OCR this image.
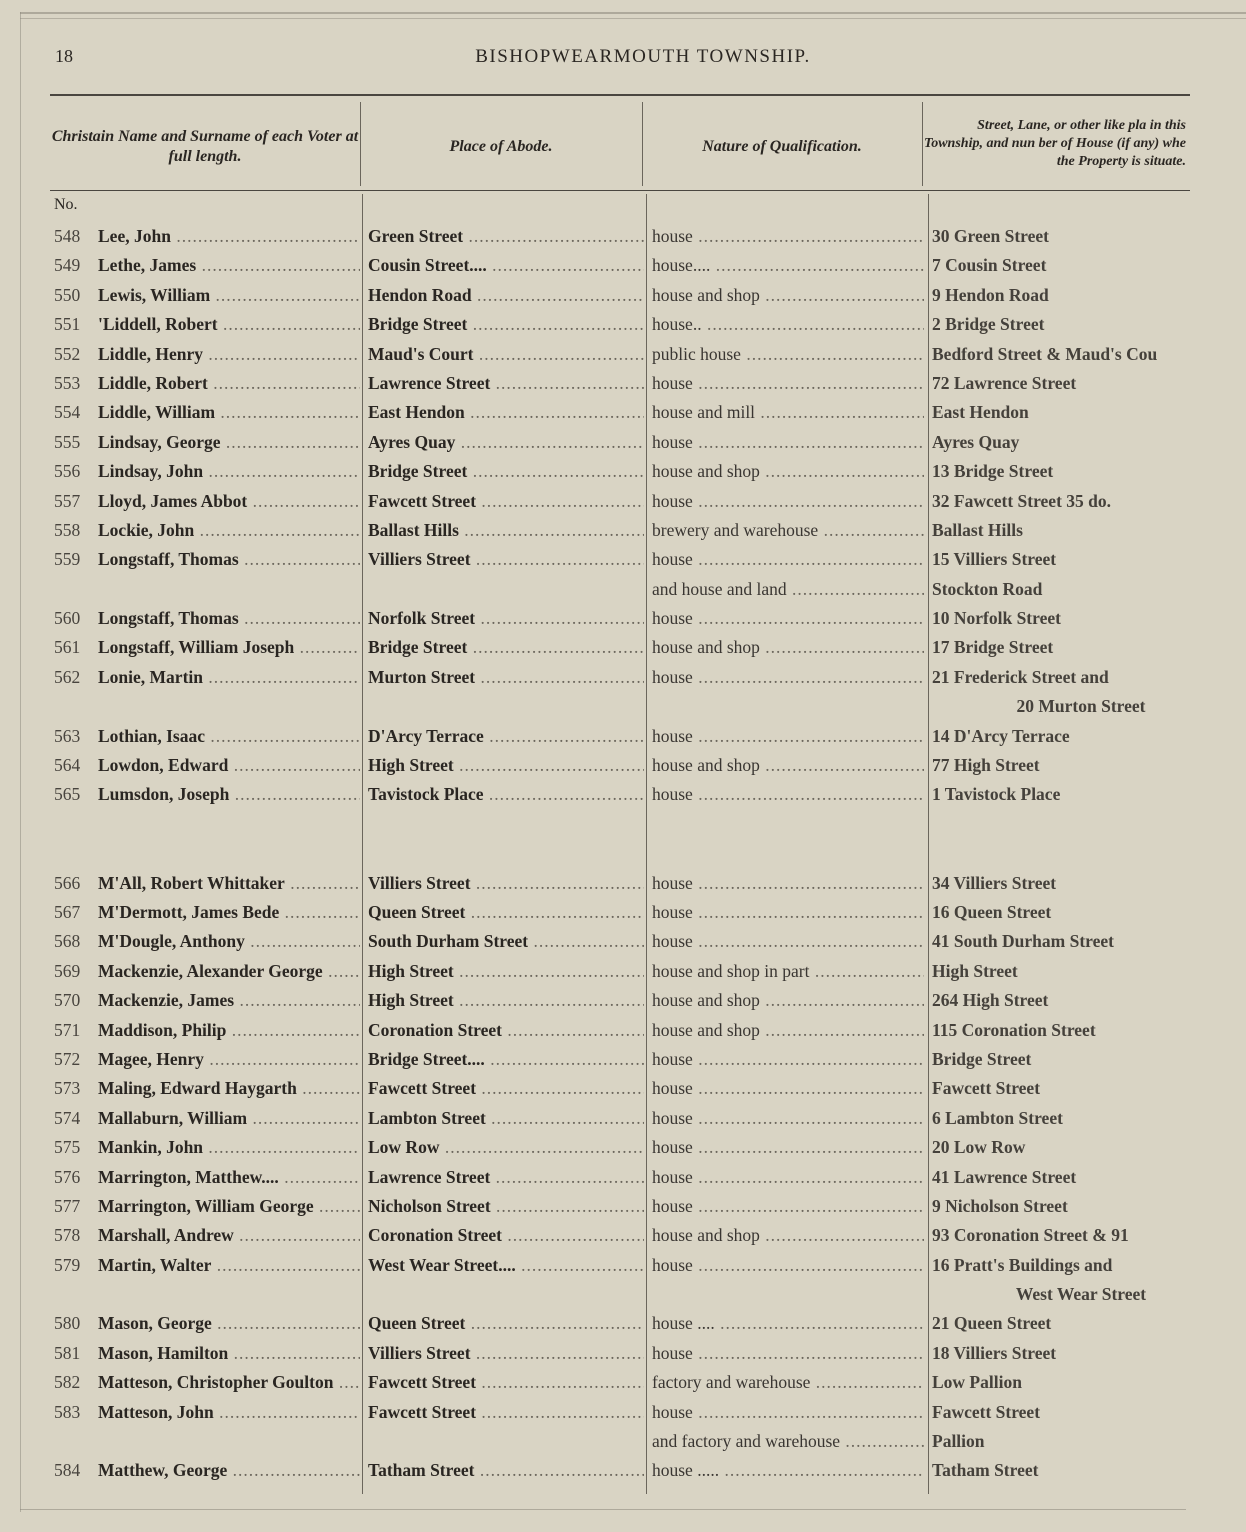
18	BISHOPWEARMOUTH TOWNSHIP.
Christain Name and Surname of each Voter at full length.
Place of Abode.	Nature of Qualification.
Street, Lane, or other like pla in this Township, and nun ber of House (if any) whe the Property is situate.
No.
548	Lee, John .....	Green Street .....	house .....	30 Green Street
549	Lethe, James .....	Cousin Street.... .....	house.... .....	7 Cousin Street
550	Lewis, William .....	Hendon Road .....	house and shop .....	9 Hendon Road
551	'Liddell, Robert .....	Bridge Street .....	house.. .....	2 Bridge Street
552	Liddle, Henry .....	Maud's Court .....	public house .....	Bedford Street & Maud's Cou
553	Liddle, Robert .....	Lawrence Street .....	house .....	72 Lawrence Street
554	Liddle, William .....	East Hendon .....	house and mill .....	East Hendon
555	Lindsay, George .....	Ayres Quay .....	house .....	Ayres Quay
556	Lindsay, John .....	Bridge Street .....	house and shop .....	13 Bridge Street
557	Lloyd, James Abbot .....	Fawcett Street .....	house .....	32 Fawcett Street 35 do.
558	Lockie, John .....	Ballast Hills .....	brewery and warehouse .....	Ballast Hills
559	Longstaff, Thomas .....	Villiers Street .....	house .....	15 Villiers Street
and house and land .....	Stockton Road
560	Longstaff, Thomas .....	Norfolk Street .....	house .....	10 Norfolk Street
561	Longstaff, William Joseph .....	Bridge Street .....	house and shop .....	17 Bridge Street
562	Lonie, Martin .....	Murton Street .....	house .....	21 Frederick Street and
20 Murton Street
563	Lothian, Isaac .....	D'Arcy Terrace .....	house .....	14 D'Arcy Terrace
564	Lowdon, Edward .....	High Street .....	house and shop .....	77 High Street
565	Lumsdon, Joseph .....	Tavistock Place .....	house .....	1 Tavistock Place
566	M'All, Robert Whittaker .....	Villiers Street .....	house .....	34 Villiers Street
567	M'Dermott, James Bede .....	Queen Street .....	house .....	16 Queen Street
568	M'Dougle, Anthony .....	South Durham Street .....	house .....	41 South Durham Street
569	Mackenzie, Alexander George .....	High Street .....	house and shop in part .....	High Street
570	Mackenzie, James .....	High Street .....	house and shop .....	264 High Street
571	Maddison, Philip .....	Coronation Street .....	house and shop .....	115 Coronation Street
572	Magee, Henry .....	Bridge Street.... .....	house .....	Bridge Street
573	Maling, Edward Haygarth .....	Fawcett Street .....	house .....	Fawcett Street
574	Mallaburn, William .....	Lambton Street .....	house .....	6 Lambton Street
575	Mankin, John .....	Low Row .....	house .....	20 Low Row
576	Marrington, Matthew.... .....	Lawrence Street .....	house .....	41 Lawrence Street
577	Marrington, William George .....	Nicholson Street .....	house .....	9 Nicholson Street
578	Marshall, Andrew .....	Coronation Street .....	house and shop .....	93 Coronation Street & 91
579	Martin, Walter .....	West Wear Street.... .....	house .....	16 Pratt's Buildings and
West Wear Street
580	Mason, George .....	Queen Street .....	house .... .....	21 Queen Street
581	Mason, Hamilton .....	Villiers Street .....	house .....	18 Villiers Street
582	Matteson, Christopher Goulton .....	Fawcett Street .....	factory and warehouse .....	Low Pallion
583	Matteson, John .....	Fawcett Street .....	house .....	Fawcett Street
and factory and warehouse .....	Pallion
584	Matthew, George .....	Tatham Street .....	house ..... .....	Tatham Street
